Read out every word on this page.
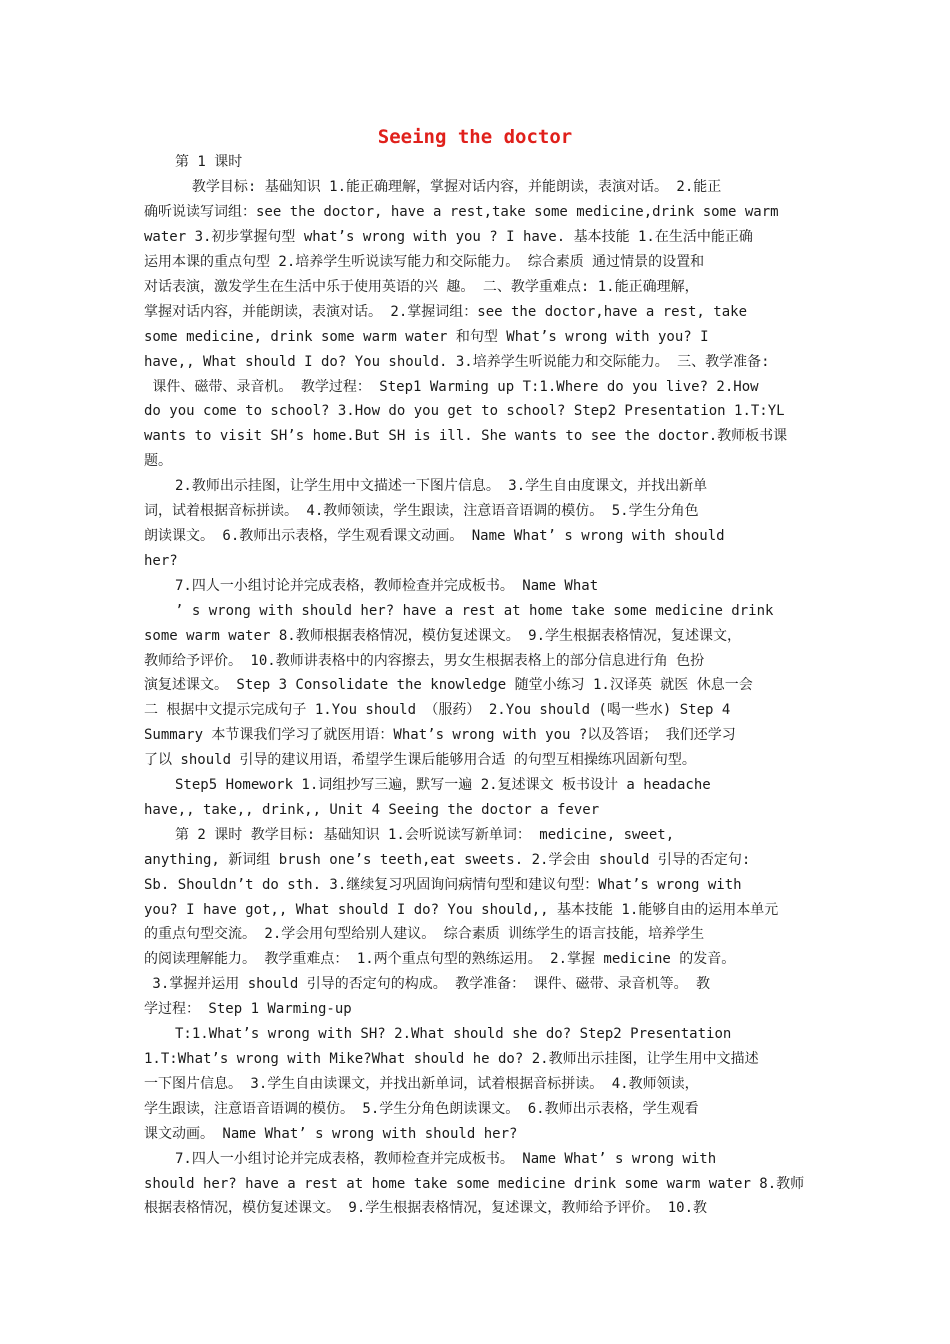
Seeing the doctor

第 1 课时

教学目标: 基础知识 1.能正确理解，掌握对话内容，并能朗读，表演对话。 2.能正

确听说读写词组：see the doctor, have a rest,take some medicine,drink some warm

water 3.初步掌握句型 what’s wrong with you ? I have. 基本技能 1.在生活中能正确

运用本课的重点句型 2.培养学生听说读写能力和交际能力。 综合素质 通过情景的设置和

对话表演，激发学生在生活中乐于使用英语的兴 趣。 二、教学重难点: 1.能正确理解，

掌握对话内容，并能朗读，表演对话。 2.掌握词组：see the doctor,have a rest, take

some medicine, drink some warm water 和句型 What’s wrong with you? I

have,, What should I do? You should. 3.培养学生听说能力和交际能力。 三、教学准备:

课件、磁带、录音机。 教学过程： Step1 Warming up T:1.Where do you live? 2.How

do you come to school? 3.How do you get to school? Step2 Presentation 1.T:YL

wants to visit SH’s home.But SH is ill. She wants to see the doctor.教师板书课

题。

2.教师出示挂图，让学生用中文描述一下图片信息。 3.学生自由度课文，并找出新单

词，试着根据音标拼读。 4.教师领读，学生跟读，注意语音语调的模仿。 5.学生分角色

朗读课文。 6.教师出示表格，学生观看课文动画。 Name What’ s wrong with should

her?

7.四人一小组讨论并完成表格，教师检查并完成板书。 Name What

’ s wrong with should her? have a rest at home take some medicine drink

some warm water 8.教师根据表格情况，模仿复述课文。 9.学生根据表格情况，复述课文，

教师给予评价。 10.教师讲表格中的内容擦去，男女生根据表格上的部分信息进行角 色扮

演复述课文。 Step 3 Consolidate the knowledge 随堂小练习 1.汉译英 就医 休息一会

二 根据中文提示完成句子 1.You should （服药） 2.You should (喝一些水) Step 4

Summary 本节课我们学习了就医用语：What’s wrong with you ?以及答语； 我们还学习

了以 should 引导的建议用语，希望学生课后能够用合适 的句型互相操练巩固新句型。

Step5 Homework 1.词组抄写三遍，默写一遍 2.复述课文 板书设计 a headache

have,, take,, drink,, Unit 4 Seeing the doctor a fever

第 2 课时 教学目标: 基础知识 1.会听说读写新单词： medicine, sweet,

anything, 新词组 brush one’s teeth,eat sweets. 2.学会由 should 引导的否定句:

Sb. Shouldn’t do sth. 3.继续复习巩固询问病情句型和建议句型：What’s wrong with

you? I have got,, What should I do? You should,, 基本技能 1.能够自由的运用本单元

的重点句型交流。 2.学会用句型给别人建议。 综合素质 训练学生的语言技能，培养学生

的阅读理解能力。 教学重难点： 1.两个重点句型的熟练运用。 2.掌握 medicine 的发音。

3.掌握并运用 should 引导的否定句的构成。 教学准备： 课件、磁带、录音机等。 教

学过程： Step 1 Warming-up

T:1.What’s wrong with SH? 2.What should she do? Step2 Presentation

1.T:What’s wrong with Mike?What should he do? 2.教师出示挂图，让学生用中文描述

一下图片信息。 3.学生自由读课文，并找出新单词，试着根据音标拼读。 4.教师领读，

学生跟读，注意语音语调的模仿。 5.学生分角色朗读课文。 6.教师出示表格，学生观看

课文动画。 Name What’ s wrong with should her?

7.四人一小组讨论并完成表格，教师检查并完成板书。 Name What’ s wrong with

should her? have a rest at home take some medicine drink some warm water 8.教师

根据表格情况，模仿复述课文。 9.学生根据表格情况，复述课文，教师给予评价。 10.教
